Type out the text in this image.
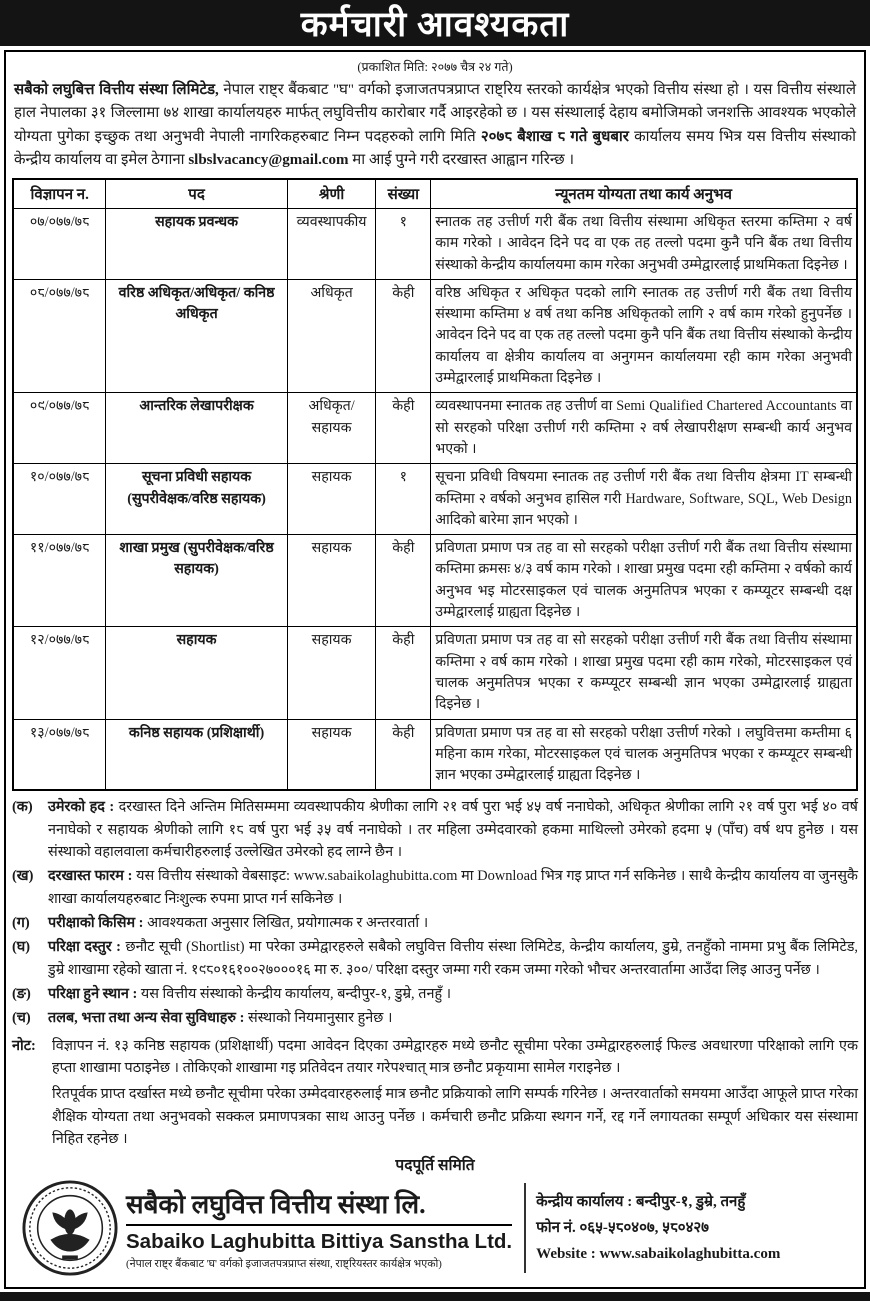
कर्मचारी आवश्यकता
(प्रकाशित मिति: २०७७ चैत्र २४ गते)

सबैको लघुबित्त वित्तीय संस्था लिमिटेड, नेपाल राष्ट्र बैंकबाट "घ" वर्गको इजाजतपत्रप्राप्त राष्ट्रिय स्तरको कार्यक्षेत्र भएको वित्तीय संस्था हो । यस वित्तीय संस्थाले हाल नेपालका ३१ जिल्लामा ७४ शाखा कार्यालयहरु मार्फत् लघुवित्तीय कारोबार गर्दै आइरहेको छ । यस संस्थालाई देहाय बमोजिमको जनशक्ति आवश्यक भएकोले योग्यता पुगेका इच्छुक तथा अनुभवी नेपाली नागरिकहरुबाट निम्न पदहरुको लागि मिति २०७८ बैशाख ८ गते बुधबार कार्यालय समय भित्र यस वित्तीय संस्थाको केन्द्रीय कार्यालय वा इमेल ठेगाना slbslvacancy@gmail.com मा आई पुग्ने गरी दरखास्त आह्वान गरिन्छ ।

विज्ञापन न.	पद	श्रेणी	संख्या	न्यूनतम योग्यता तथा कार्य अनुभव
०७/०७७/७८	सहायक प्रवन्धक	व्यवस्थापकीय	१	स्नातक तह उत्तीर्ण गरी बैंक तथा वित्तीय संस्थामा अधिकृत स्तरमा कम्तिमा २ वर्ष काम गरेको । आवेदन दिने पद वा एक तह तल्लो पदमा कुनै पनि बैंक तथा वित्तीय संस्थाको केन्द्रीय कार्यालयमा काम गरेका अनुभवी उम्मेद्वारलाई प्राथमिकता दिइनेछ ।
०८/०७७/७८	वरिष्ठ अधिकृत/अधिकृत/ कनिष्ठ अधिकृत	अधिकृत	केही	वरिष्ठ अधिकृत र अधिकृत पदको लागि स्नातक तह उत्तीर्ण गरी बैंक तथा वित्तीय संस्थामा कम्तिमा ४ वर्ष तथा कनिष्ठ अधिकृतको लागि २ वर्ष काम गरेको हुनुपर्नेछ । आवेदन दिने पद वा एक तह तल्लो पदमा कुनै पनि बैंक तथा वित्तीय संस्थाको केन्द्रीय कार्यालय वा क्षेत्रीय कार्यालय वा अनुगमन कार्यालयमा रही काम गरेका अनुभवी उम्मेद्वारलाई प्राथमिकता दिइनेछ ।
०९/०७७/७८	आन्तरिक लेखापरीक्षक	अधिकृत/ सहायक	केही	व्यवस्थापनमा स्नातक तह उत्तीर्ण वा Semi Qualified Chartered Accountants वा सो सरहको परिक्षा उत्तीर्ण गरी कम्तिमा २ वर्ष लेखापरीक्षण सम्बन्धी कार्य अनुभव भएको ।
१०/०७७/७८	सूचना प्रविधी सहायक (सुपरीवेक्षक/वरिष्ठ सहायक)	सहायक	१	सूचना प्रविधी विषयमा स्नातक तह उत्तीर्ण गरी बैंक तथा वित्तीय क्षेत्रमा IT सम्बन्धी कम्तिमा २ वर्षको अनुभव हासिल गरी Hardware, Software, SQL, Web Design आदिको बारेमा ज्ञान भएको ।
११/०७७/७८	शाखा प्रमुख (सुपरीवेक्षक/वरिष्ठ सहायक)	सहायक	केही	प्रविणता प्रमाण पत्र तह वा सो सरहको परीक्षा उत्तीर्ण गरी बैंक तथा वित्तीय संस्थामा कम्तिमा क्रमसः ४/३ वर्ष काम गरेको । शाखा प्रमुख पदमा रही कम्तिमा २ वर्षको कार्य अनुभव भइ मोटरसाइकल एवं चालक अनुमतिपत्र भएका र कम्प्यूटर सम्बन्धी दक्ष उम्मेद्वारलाई ग्राह्यता दिइनेछ ।
१२/०७७/७८	सहायक	सहायक	केही	प्रविणता प्रमाण पत्र तह वा सो सरहको परीक्षा उत्तीर्ण गरी बैंक तथा वित्तीय संस्थामा कम्तिमा २ वर्ष काम गरेको । शाखा प्रमुख पदमा रही काम गरेको, मोटरसाइकल एवं चालक अनुमतिपत्र भएका र कम्प्यूटर सम्बन्धी ज्ञान भएका उम्मेद्वारलाई ग्राह्यता दिइनेछ ।
१३/०७७/७८	कनिष्ठ सहायक (प्रशिक्षार्थी)	सहायक	केही	प्रविणता प्रमाण पत्र तह वा सो सरहको परीक्षा उत्तीर्ण गरेको । लघुवित्तमा कम्तीमा ६ महिना काम गरेका, मोटरसाइकल एवं चालक अनुमतिपत्र भएका र कम्प्यूटर सम्बन्धी ज्ञान भएका उम्मेद्वारलाई ग्राह्यता दिइनेछ ।
(क)	उमेरको हद : दरखास्त दिने अन्तिम मितिसम्ममा व्यवस्थापकीय श्रेणीका लागि २१ वर्ष पुरा भई ४५ वर्ष ननाघेको, अधिकृत श्रेणीका लागि २१ वर्ष पुरा भई ४० वर्ष ननाघेको र सहायक श्रेणीको लागि १८ वर्ष पुरा भई ३५ वर्ष ननाघेको । तर महिला उम्मेदवारको हकमा माथिल्लो उमेरको हदमा ५ (पाँच) वर्ष थप हुनेछ । यस संस्थाको वहालवाला कर्मचारीहरुलाई उल्लेखित उमेरको हद लाग्ने छैन ।
(ख)	दरखास्त फारम : यस वित्तीय संस्थाको वेबसाइट: www.sabaikolaghubitta.com मा Download भित्र गइ प्राप्त गर्न सकिनेछ । साथै केन्द्रीय कार्यालय वा जुनसुकै शाखा कार्यालयहरुबाट निःशुल्क रुपमा प्राप्त गर्न सकिनेछ ।
(ग)	परीक्षाको किसिम : आवश्यकता अनुसार लिखित, प्रयोगात्मक र अन्तरवार्ता ।
(घ)	परिक्षा दस्तुर : छनौट सूची (Shortlist) मा परेका उम्मेद्वारहरुले सबैको लघुवित्त वित्तीय संस्था लिमिटेड, केन्द्रीय कार्यालय, डुम्रे, तनहुँको नाममा प्रभु बैंक लिमिटेड, डुम्रे शाखामा रहेको खाता नं. १९८०१६१००२७०००१६ मा रु. ३००/ परिक्षा दस्तुर जम्मा गरी रकम जम्मा गरेको भौचर अन्तरवार्तामा आउँदा लिइ आउनु पर्नेछ ।
(ङ)	परिक्षा हुने स्थान : यस वित्तीय संस्थाको केन्द्रीय कार्यालय, बन्दीपुर-१, डुम्रे, तनहुँ ।
(च)	तलब, भत्ता तथा अन्य सेवा सुविधाहरु : संस्थाको नियमानुसार हुनेछ ।
नोट:	विज्ञापन नं. १३ कनिष्ठ सहायक (प्रशिक्षार्थी) पदमा आवेदन दिएका उम्मेद्वारहरु मध्ये छनौट सूचीमा परेका उम्मेद्वारहरुलाई फिल्ड अवधारणा परिक्षाको लागि एक हप्ता शाखामा पठाइनेछ । तोकिएको शाखामा गइ प्रतिवेदन तयार गरेपश्चात् मात्र छनौट प्रकृयामा सामेल गराइनेछ ।

रितपूर्वक प्राप्त दर्खास्त मध्ये छनौट सूचीमा परेका उम्मेदवारहरुलाई मात्र छनौट प्रक्रियाको लागि सम्पर्क गरिनेछ । अन्तरवार्ताको समयमा आउँदा आफूले प्राप्त गरेका शैक्षिक योग्यता तथा अनुभवको सक्कल प्रमाणपत्रका साथ आउनु पर्नेछ । कर्मचारी छनौट प्रक्रिया स्थगन गर्ने, रद्द गर्ने लगायतका सम्पूर्ण अधिकार यस संस्थामा निहित रहनेछ ।

पदपूर्ति समिति
सबैको लघुवित्त वित्तीय संस्था लि.
Sabaiko Laghubitta Bittiya Sanstha Ltd.
(नेपाल राष्ट्र बैंकबाट 'घ' वर्गको इजाजतपत्रप्राप्त संस्था, राष्ट्रियस्तर कार्यक्षेत्र भएको)
केन्द्रीय कार्यालय : बन्दीपुर-१, डुम्रे, तनहुँ
फोन नं. ०६५-५८०४०७, ५८०४२७
Website : www.sabaikolaghubitta.com
